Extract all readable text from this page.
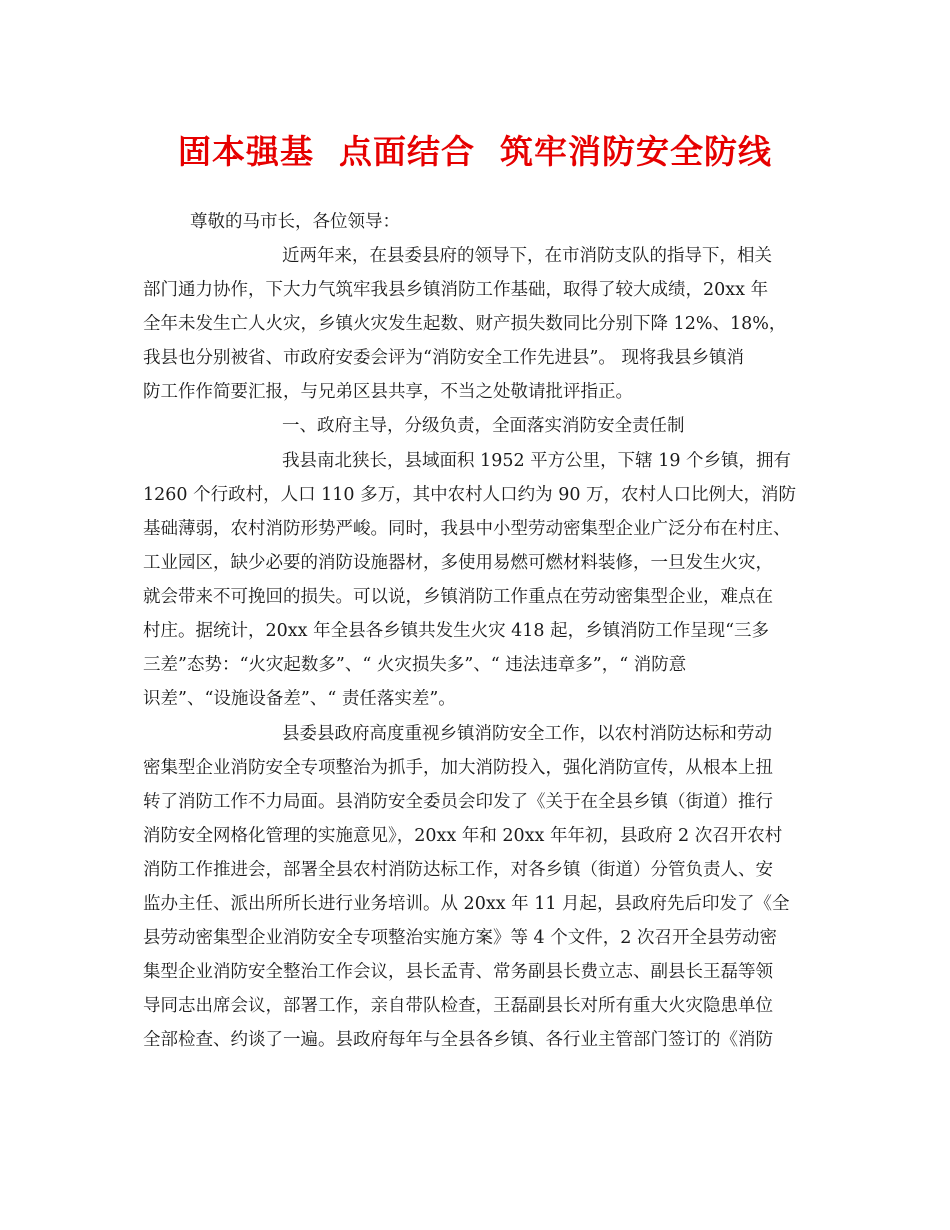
固本强基  点面结合  筑牢消防安全防线
尊敬的马市长，各位领导：
近两年来，在县委县府的领导下，在市消防支队的指导下，相关
部门通力协作，下大力气筑牢我县乡镇消防工作基础，取得了较大成绩，20xx 年
全年未发生亡人火灾，乡镇火灾发生起数、财产损失数同比分别下降 12%、18%，
我县也分别被省、市政府安委会评为“消防安全工作先进县”。 现将我县乡镇消
防工作作简要汇报，与兄弟区县共享，不当之处敬请批评指正。
一、政府主导，分级负责，全面落实消防安全责任制
我县南北狭长，县域面积 1952 平方公里，下辖 19 个乡镇，拥有
1260 个行政村，人口 110 多万，其中农村人口约为 90 万，农村人口比例大，消防
基础薄弱，农村消防形势严峻。同时，我县中小型劳动密集型企业广泛分布在村庄、
工业园区，缺少必要的消防设施器材，多使用易燃可燃材料装修，一旦发生火灾，
就会带来不可挽回的损失。可以说，乡镇消防工作重点在劳动密集型企业，难点在
村庄。据统计，20xx 年全县各乡镇共发生火灾 418 起，乡镇消防工作呈现“三多
三差”态势：“火灾起数多”、“ 火灾损失多”、“ 违法违章多”，“ 消防意
识差”、“设施设备差”、“ 责任落实差”。
县委县政府高度重视乡镇消防安全工作，以农村消防达标和劳动
密集型企业消防安全专项整治为抓手，加大消防投入，强化消防宣传，从根本上扭
转了消防工作不力局面。县消防安全委员会印发了《关于在全县乡镇（街道）推行
消防安全网格化管理的实施意见》，20xx 年和 20xx 年年初，县政府 2 次召开农村
消防工作推进会，部署全县农村消防达标工作，对各乡镇（街道）分管负责人、安
监办主任、派出所所长进行业务培训。从 20xx 年 11 月起，县政府先后印发了《全
县劳动密集型企业消防安全专项整治实施方案》等 4 个文件，2 次召开全县劳动密
集型企业消防安全整治工作会议，县长孟青、常务副县长费立志、副县长王磊等领
导同志出席会议，部署工作，亲自带队检查，王磊副县长对所有重大火灾隐患单位
全部检查、约谈了一遍。县政府每年与全县各乡镇、各行业主管部门签订的《消防
